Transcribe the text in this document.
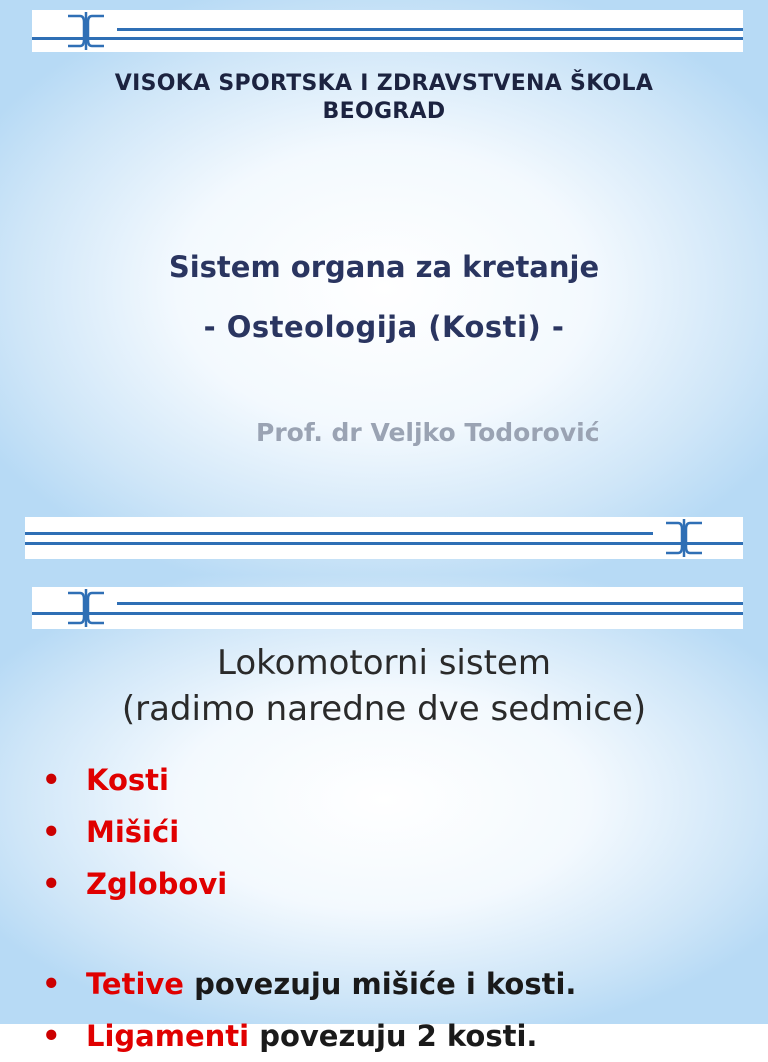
VISOKA SPORTSKA I ZDRAVSTVENA ŠKOLA
BEOGRAD
Sistem organa za kretanje
- Osteologija (Kosti) -
Prof. dr Veljko Todorović
Lokomotorni sistem
(radimo naredne dve sedmice)
• Kosti
• Mišići
• Zglobovi
• Tetive povezuju mišiće i kosti.
• Ligamenti povezuju 2 kosti.
